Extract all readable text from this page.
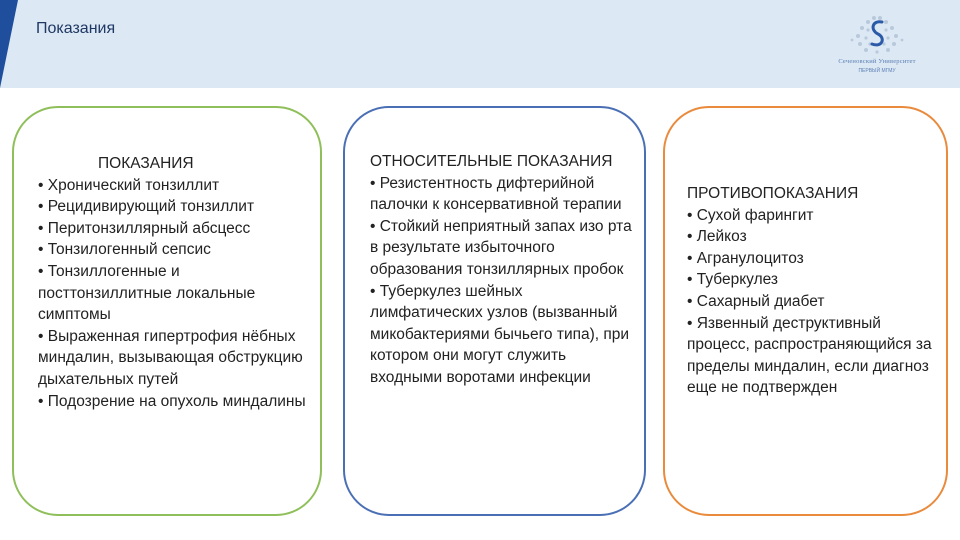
Показания
Сеченовский Университет
ПЕРВЫЙ МГМУ
ПОКАЗАНИЯ
• Хронический тонзиллит
• Рецидивирующий тонзиллит
• Перитонзиллярный абсцесс
• Тонзилогенный сепсис
• Тонзиллогенные и посттонзиллитные локальные симптомы
• Выраженная гипертрофия нёбных миндалин, вызывающая обструкцию дыхательных путей
• Подозрение на опухоль миндалины
ОТНОСИТЕЛЬНЫЕ ПОКАЗАНИЯ
• Резистентность дифтерийной палочки к консервативной терапии
• Стойкий неприятный запах изо рта в результате избыточного образования тонзиллярных пробок
• Туберкулез шейных лимфатических узлов (вызванный микобактериями бычьего типа), при котором они могут служить входными воротами инфекции
ПРОТИВОПОКАЗАНИЯ
• Сухой фарингит
• Лейкоз
• Агранулоцитоз
• Туберкулез
• Сахарный диабет
• Язвенный деструктивный процесс, распространяющийся за пределы миндалин, если диагноз еще не подтвержден
